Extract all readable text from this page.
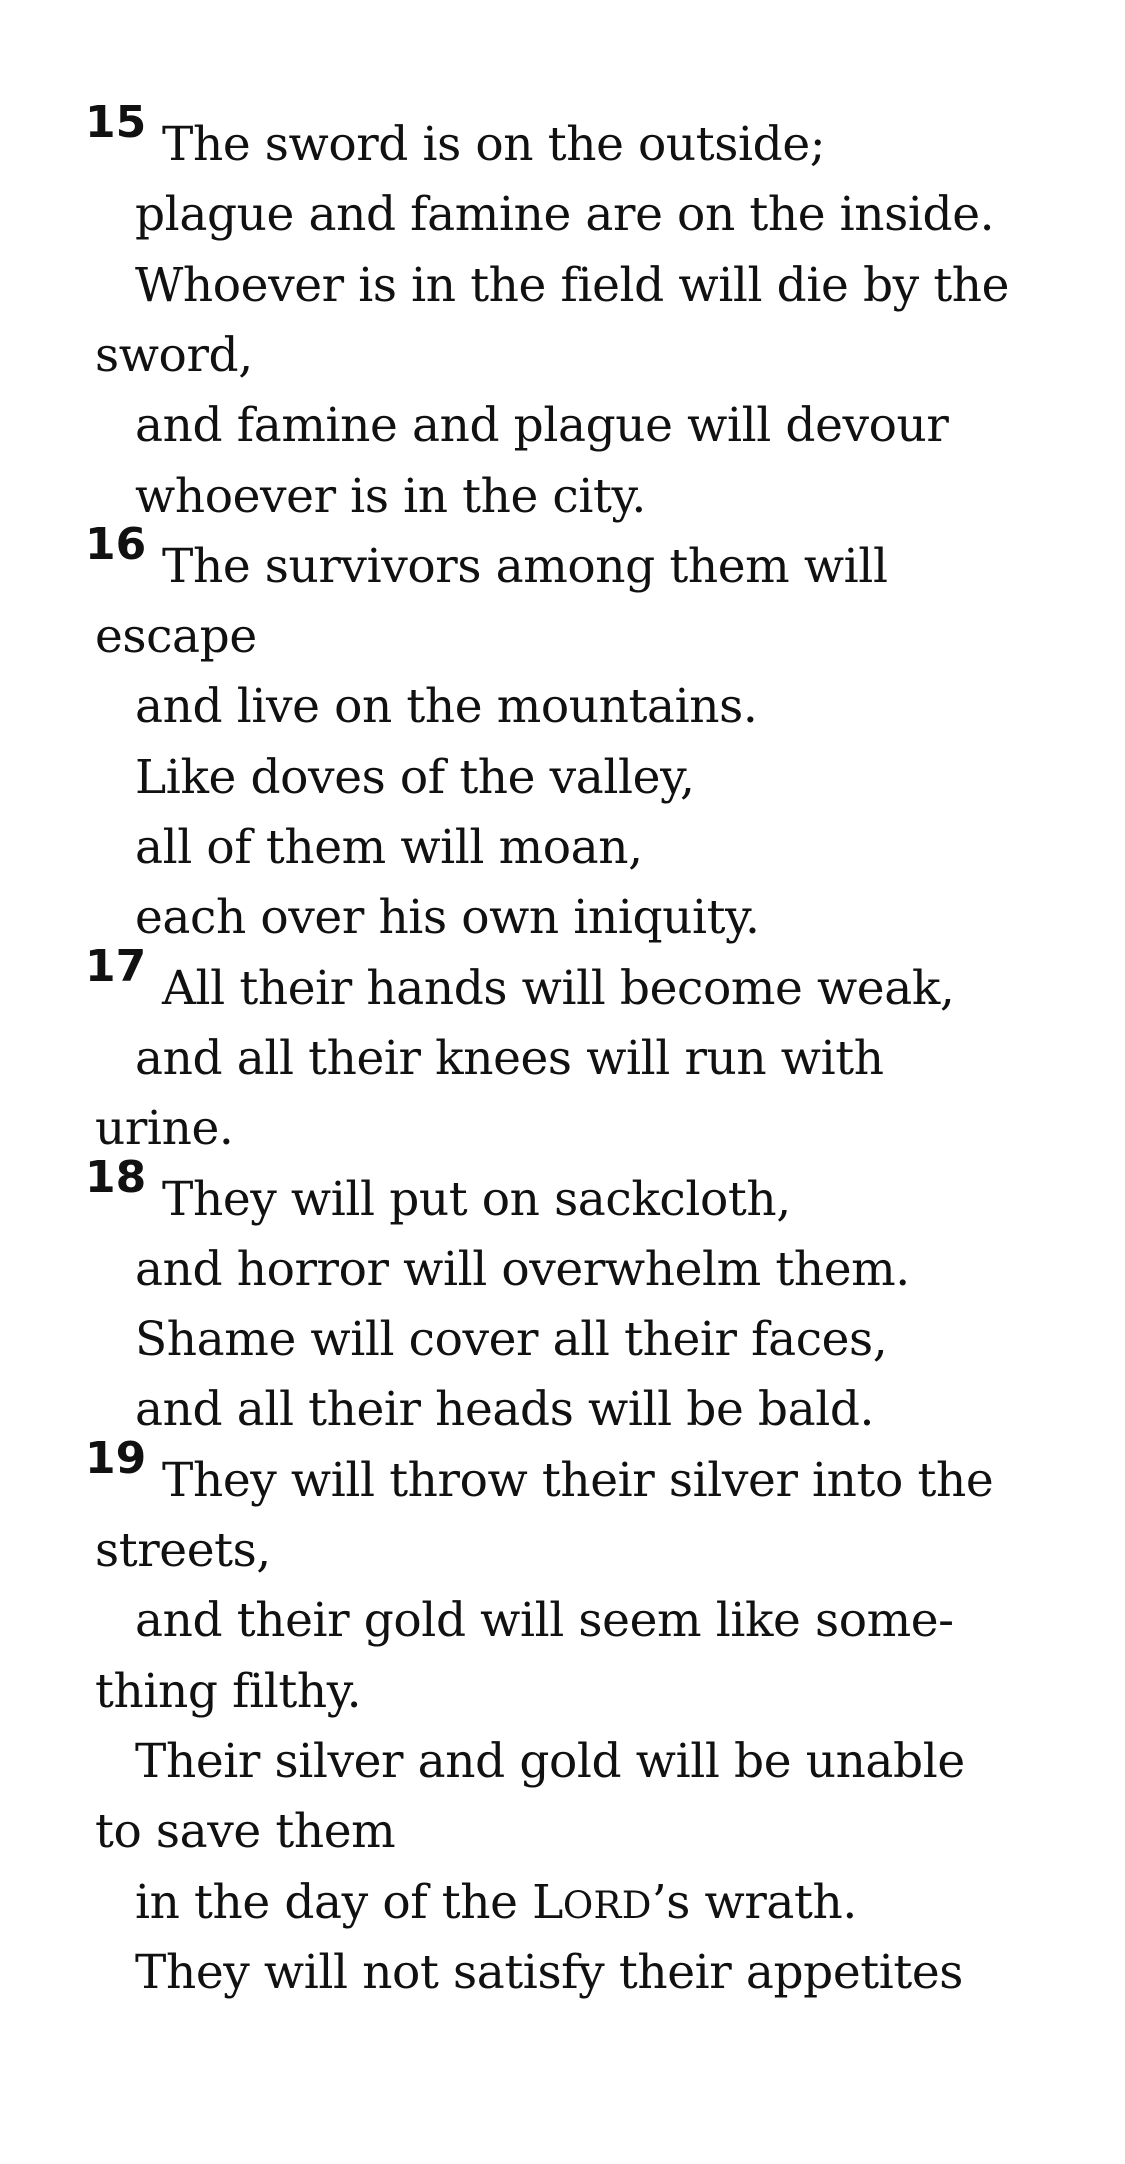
15 The sword is on the outside;
plague and famine are on the inside.
Whoever is in the field will die by the
sword,
and famine and plague will devour
whoever is in the city.
16 The survivors among them will
escape
and live on the mountains.
Like doves of the valley,
all of them will moan,
each over his own iniquity.
17 All their hands will become weak,
and all their knees will run with
urine.
18 They will put on sackcloth,
and horror will overwhelm them.
Shame will cover all their faces,
and all their heads will be bald.
19 They will throw their silver into the
streets,
and their gold will seem like some-
thing filthy.
Their silver and gold will be unable
to save them
in the day of the LORD’s wrath.
They will not satisfy their appetites
